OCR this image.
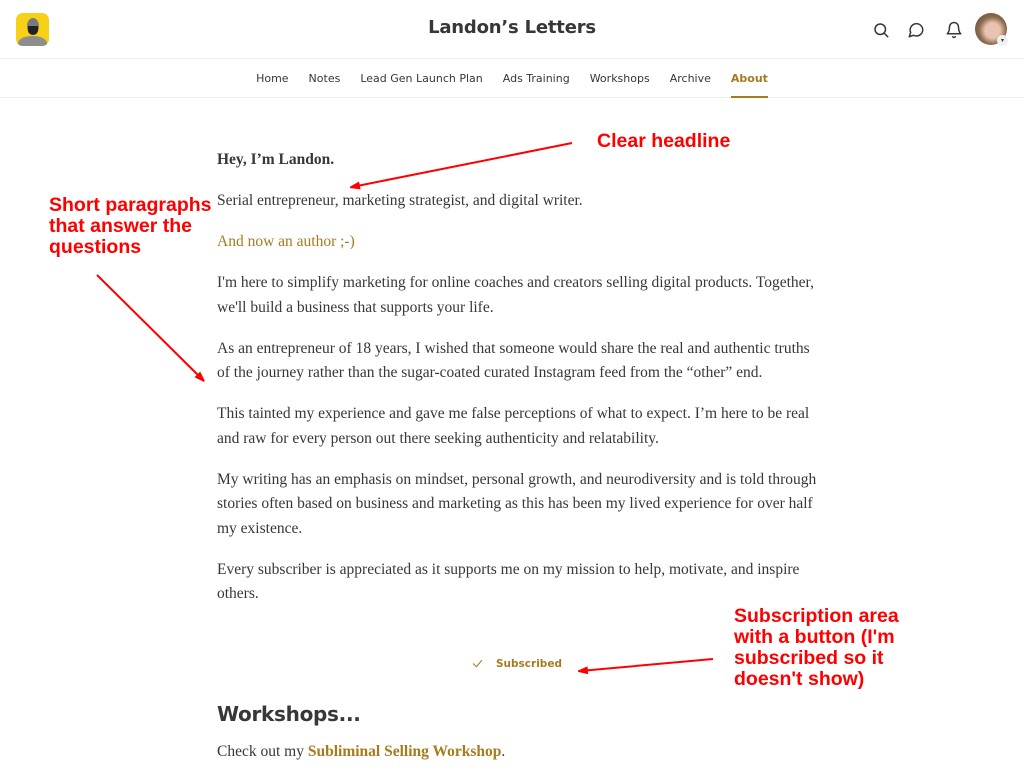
Landon’s Letters
▾
Home	Notes	Lead Gen Launch Plan	Ads Training	Workshops	Archive	About

Hey, I’m Landon.

Serial entrepreneur, marketing strategist, and digital writer.

And now an author ;-)

I'm here to simplify marketing for online coaches and creators selling digital products. Together, we'll build a business that supports your life.

As an entrepreneur of 18 years, I wished that someone would share the real and authentic truths of the journey rather than the sugar-coated curated Instagram feed from the “other” end.

This tainted my experience and gave me false perceptions of what to expect. I’m here to be real and raw for every person out there seeking authenticity and relatability.

My writing has an emphasis on mindset, personal growth, and neurodiversity and is told through stories often based on business and marketing as this has been my lived experience for over half my existence.

Every subscriber is appreciated as it supports me on my mission to help, motivate, and inspire others.

Subscribed
Workshops...
Check out my Subliminal Selling Workshop.
Clear headline
Short paragraphs that answer the questions
Subscription area with a button (I'm subscribed so it doesn't show)
